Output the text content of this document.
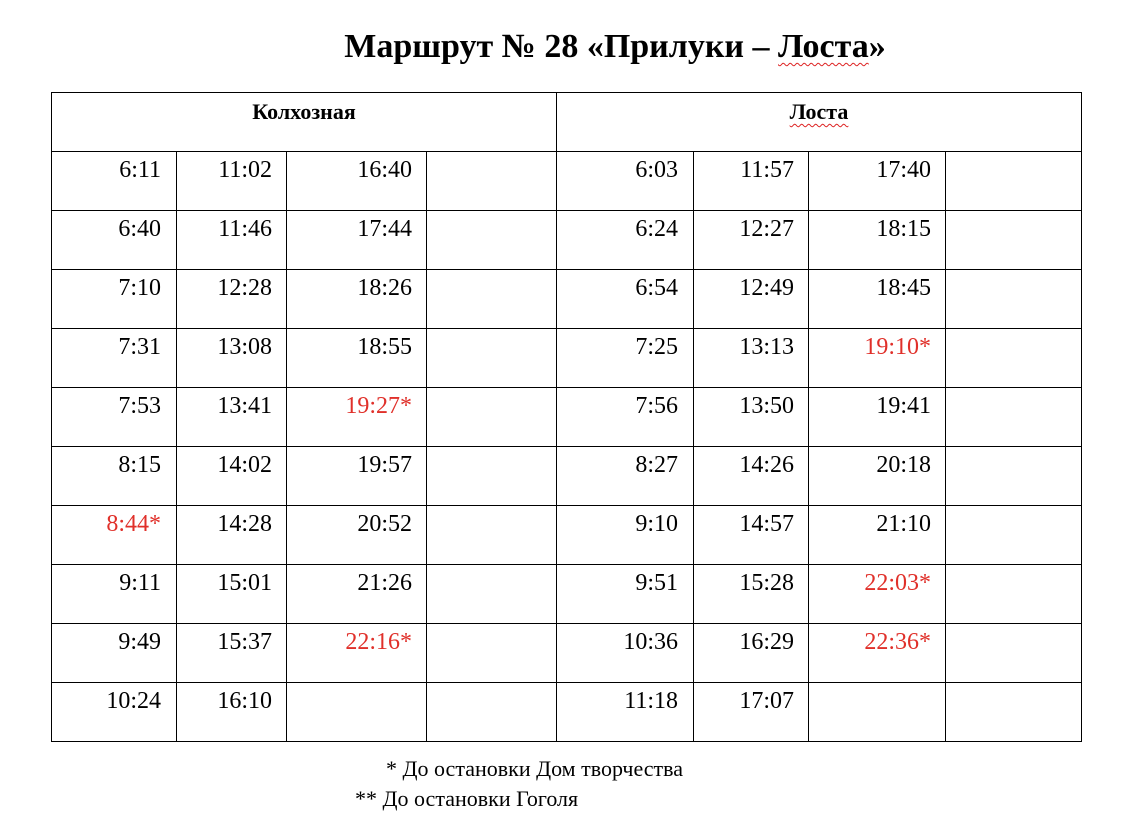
Маршрут № 28 «Прилуки – Лоста»
Колхозная				Лоста			
6:11	11:02	16:40		6:03	11:57	17:40	
6:40	11:46	17:44		6:24	12:27	18:15	
7:10	12:28	18:26		6:54	12:49	18:45	
7:31	13:08	18:55		7:25	13:13	19:10*	
7:53	13:41	19:27*		7:56	13:50	19:41	
8:15	14:02	19:57		8:27	14:26	20:18	
8:44*	14:28	20:52		9:10	14:57	21:10	
9:11	15:01	21:26		9:51	15:28	22:03*	
9:49	15:37	22:16*		10:36	16:29	22:36*	
10:24	16:10			11:18	17:07		
* До остановки Дом творчества
** До остановки Гоголя
